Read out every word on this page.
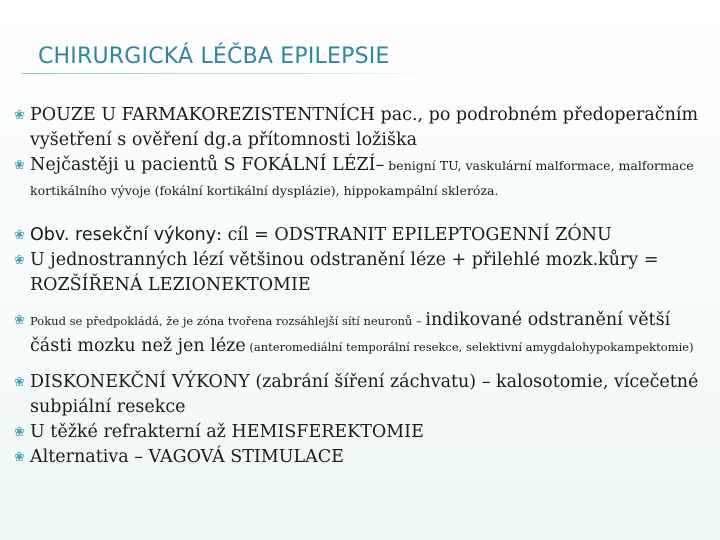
CHIRURGICKÁ LÉČBA EPILEPSIE

❀ POUZE U FARMAKOREZISTENTNÍCH pac., po podrobném předoperačním vyšetření s ověření dg.a přítomnosti ložiška

❀ Nejčastěji u pacientů S FOKÁLNÍ LÉZÍ– benigní TU, vaskulární malformace, malformace kortikálního vývoje (fokální kortikální dysplázie), hippokampální skleróza.

❀ Obv. resekční výkony: cíl = ODSTRANIT EPILEPTOGENNÍ ZÓNU

❀ U jednostranných lézí většinou odstranění léze + přilehlé mozk.kůry = ROZŠÍŘENÁ LEZIONEKTOMIE

❀ Pokud se předpokládá, že je zóna tvořena rozsáhlejší sítí neuronů – indikované odstranění větší části mozku než jen léze (anteromediální temporální resekce, selektivní amygdalohypokampektomie)

❀ DISKONEKČNÍ VÝKONY (zabrání šíření záchvatu) – kalosotomie, vícečetné subpiální resekce

❀ U těžké refrakterní až HEMISFEREKTOMIE

❀ Alternativa – VAGOVÁ STIMULACE
